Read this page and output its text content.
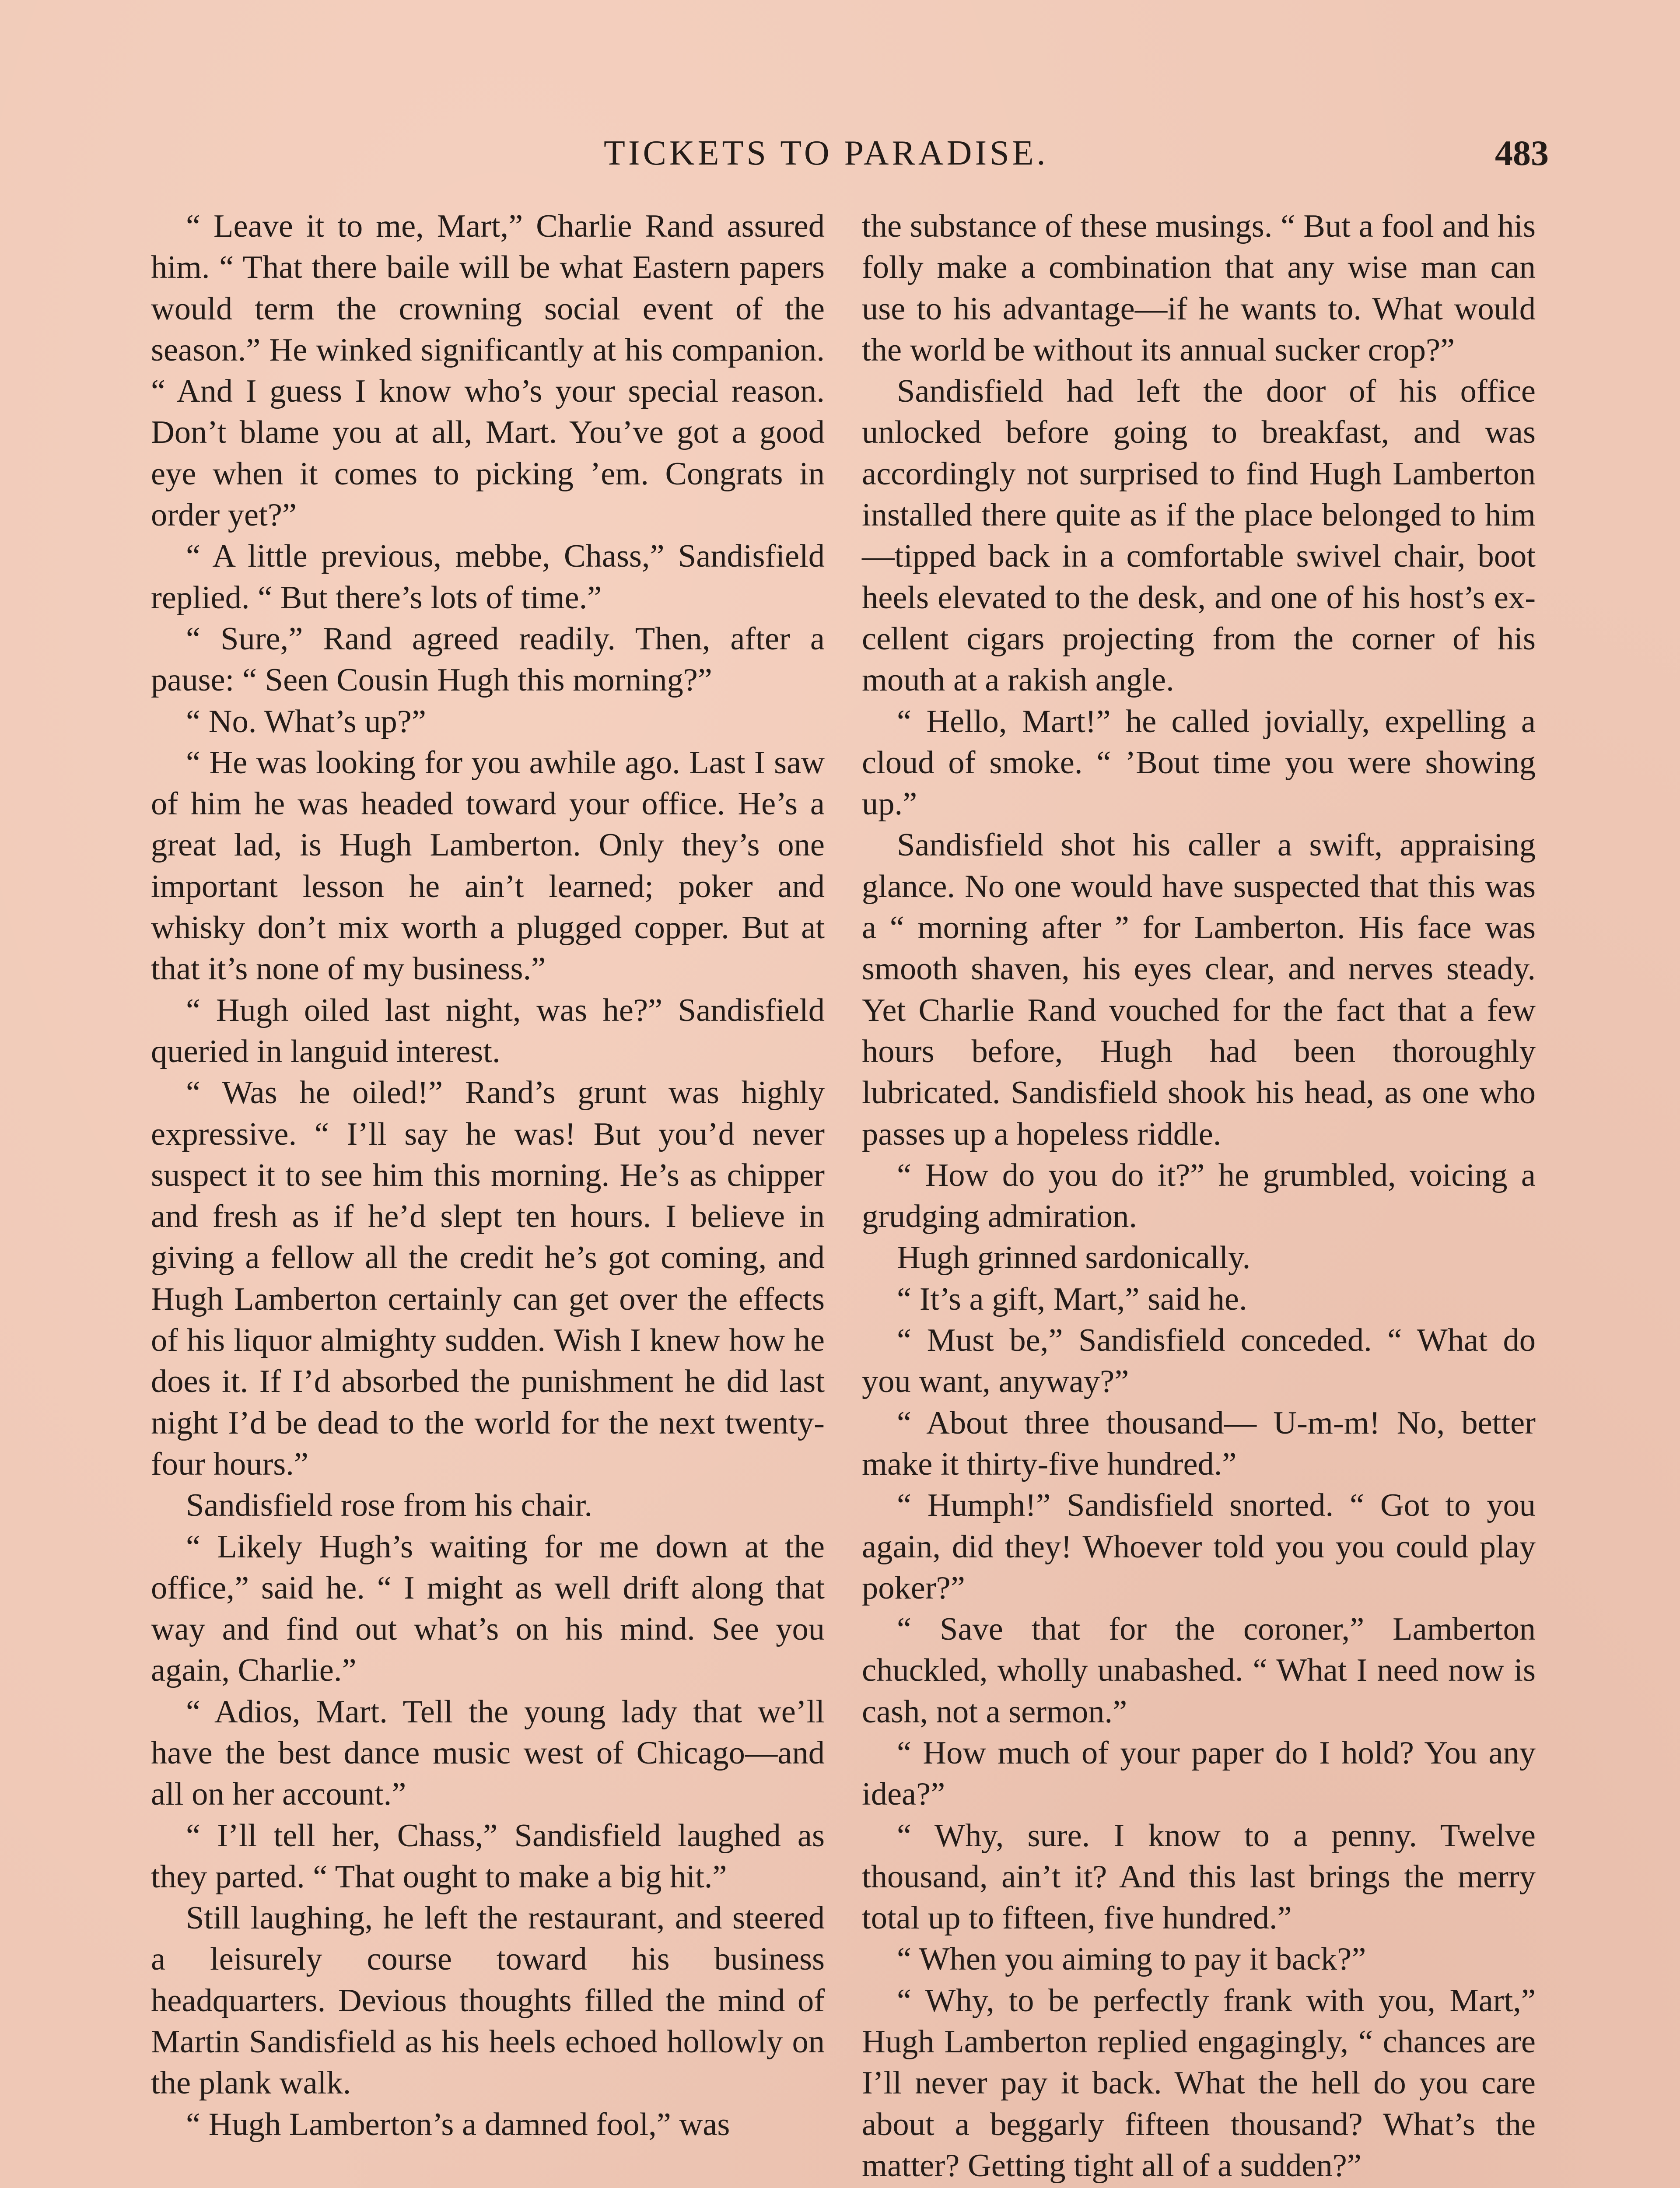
TICKETS TO PARADISE.	483

“ Leave it to me, Mart,” Charlie Rand assured him. “ That there baile will be what Eastern papers would term the crowning social event of the season.” He winked significantly at his companion. “ And I guess I know who’s your special reason. Don’t blame you at all, Mart. You’ve got a good eye when it comes to picking ’em. Congrats in order yet?”

“ A little previous, mebbe, Chass,” Sandisfield replied. “ But there’s lots of time.”

“ Sure,” Rand agreed readily. Then, after a pause: “ Seen Cousin Hugh this morning?”

“ No. What’s up?”

“ He was looking for you awhile ago. Last I saw of him he was headed toward your office. He’s a great lad, is Hugh Lamberton. Only they’s one important lesson he ain’t learned; poker and whisky don’t mix worth a plugged copper. But at that it’s none of my business.”

“ Hugh oiled last night, was he?” Sandisfield queried in languid interest.

“ Was he oiled!” Rand’s grunt was highly expressive. “ I’ll say he was! But you’d never suspect it to see him this morning. He’s as chipper and fresh as if he’d slept ten hours. I believe in giving a fellow all the credit he’s got coming, and Hugh Lamberton certainly can get over the effects of his liquor almighty sudden. Wish I knew how he does it. If I’d absorbed the punishment he did last night I’d be dead to the world for the next twenty-four hours.”

Sandisfield rose from his chair.

“ Likely Hugh’s waiting for me down at the office,” said he. “ I might as well drift along that way and find out what’s on his mind. See you again, Charlie.”

“ Adios, Mart. Tell the young lady that we’ll have the best dance music west of Chicago—and all on her account.”

“ I’ll tell her, Chass,” Sandisfield laughed as they parted. “ That ought to make a big hit.”

Still laughing, he left the restaurant, and steered a leisurely course toward his business headquarters. Devious thoughts filled the mind of Martin Sandisfield as his heels echoed hollowly on the plank walk.

“ Hugh Lamberton’s a damned fool,” was

the substance of these musings. “ But a fool and his folly make a combination that any wise man can use to his advantage—if he wants to. What would the world be without its annual sucker crop?”

Sandisfield had left the door of his office unlocked before going to breakfast, and was accordingly not surprised to find Hugh Lamberton installed there quite as if the place belonged to him—tipped back in a comfortable swivel chair, boot heels elevated to the desk, and one of his host’s excellent cigars projecting from the corner of his mouth at a rakish angle.

“ Hello, Mart!” he called jovially, expelling a cloud of smoke. “ ’Bout time you were showing up.”

Sandisfield shot his caller a swift, appraising glance. No one would have suspected that this was a “ morning after ” for Lamberton. His face was smooth shaven, his eyes clear, and nerves steady. Yet Charlie Rand vouched for the fact that a few hours before, Hugh had been thoroughly lubricated. Sandisfield shook his head, as one who passes up a hopeless riddle.

“ How do you do it?” he grumbled, voicing a grudging admiration.

Hugh grinned sardonically.

“ It’s a gift, Mart,” said he.

“ Must be,” Sandisfield conceded. “ What do you want, anyway?”

“ About three thousand— U-m-m! No, better make it thirty-five hundred.”

“ Humph!” Sandisfield snorted. “ Got to you again, did they! Whoever told you you could play poker?”

“ Save that for the coroner,” Lamberton chuckled, wholly unabashed. “ What I need now is cash, not a sermon.”

“ How much of your paper do I hold? You any idea?”

“ Why, sure. I know to a penny. Twelve thousand, ain’t it? And this last brings the merry total up to fifteen, five hundred.”

“ When you aiming to pay it back?”

“ Why, to be perfectly frank with you, Mart,” Hugh Lamberton replied engagingly, “ chances are I’ll never pay it back. What the hell do you care about a beggarly fifteen thousand? What’s the matter? Getting tight all of a sudden?”
